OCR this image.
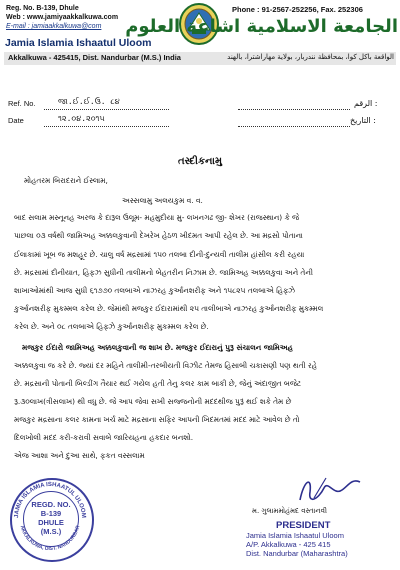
Reg. No. B-139, Dhule
Web : www.jamiyaakkalkuwa.com
E-mail : jamiaakkalkuwa@com
Jamia Islamia Ishaatul Uloom
Phone : 91-2567-252256, Fax. 252306
الجامعة الاسلامية اشاعة العلوم
Akkalkuwa - 425415, Dist. Nandurbar (M.S.) India	الواقعة باكل كوا، بمحافظة نندربار، بولاية مهاراشترا، بالهند
Ref. No.	જા.ઈ.ઈ.ઉ. ૮૪
Date	૧૨.૦૪.૨૦૧૫
: الرقم
: التاريخ
તસ્દીકનામુ
મોહતરમ બિરાદરાને ઈસ્લામ,
અસ્સલામુ અલયકુમ વ. વ.
બાદ સલામ મસ્નૂનહ અરજ કે દારૂલ ઉલૂમ- મહમુદીયા મુ- લખનગઢ જી- શેખર (રાજસ્થાન) કે જે
પાછલા ૦૩ વર્ષથી જામિઅહ અક્કલકુવાની દેખરેખ હેઠળ ખીદમત આપી રહેલ છે. આ મદ્રસો પોતાના
ઈલાકામાં ખૂબ જ મશહૂર છે. ચાલુ વર્ષ મદ્રસામાં ૧૫૦ તલબા દીની-દુન્યવી તાલીમ હાંસીલ કરી રહયા
છે. મદ્રસામાં દીનીયાત, હિફ્ઝ સુધીની તાલીમનો બેહતરીન નિઝામ છે. જામિઅહ અક્કલકુવા અને તેની
શાખાઓમાંથી આજ સુધી ૬૧૭૭૦ તલબાએ નાઝરહ કુર્આનશરીફ અને ૧૫૮૨૫ તલબાએ હિફ્ઝે
કુર્આનશરીફ મુકમ્મલ કરેલ છે. જેમાંથી મજકુર ઈદારામાંથી ૨૫ તાલીબાએ નાઝરહ કુર્આનશરીફ મુકમ્મલ
કરેલ છે. અને ૦૮ તલબાએ હિફ્ઝે કુર્આનશરીફ મુકમ્મલ કરેલ છે.
મજકુર ઈદારો જામિઅહ અક્કલકુવાની જ શાખ છે. મજકુર ઈદારાનું પુરૂ સંચાલન જામિઅહ
અક્કલકુવા જ કરે છે. જ્યાં દર મહિને તાલીમી-તરબીયતી વિઝીટ તેમજ હિસાબી ચકાસણી પણ થતી રહે
છે. મદ્રસાની પોતાની બિલ્ડીંગ તૈયાર થઈ ગયેલ હતી તેનુ કલર કામ બાકી છે, જેનું અંદાજીત બજેટ
રૂ.૩૦લાખ(ત્રીસલાખ) થી વધુ છે. જે આપ જેવા સખી સજ્જનોની મદદથીજ પુરૂં થઈ શકે તેમ છે
મજકુર મદ્રસાના કલર કામના ખર્ચ માટે મદ્રસાના સફિર આપની ખિદમતમાં મદદ માટે આવેલ છે તો
દિલખોલી મદદ કરી-કરાવી સવાબે જારિયહના હકદાર બનશો.
એજ આશા અને દુઆ સાથે, ફકત વસ્સલામ
JAMIA ISLAMIA ISHAATUL ULOOM
AKKALKUWA, DIST. NANDURBAR
REGD. NO.
B-139
DHULE
(M.S.)
મ. ગુલામમોહંમદ વસ્તાનવી
PRESIDENT
Jamia Islamia Ishaatul Uloom
A/P. Akkalkuwa - 425 415
Dist. Nandurbar (Maharashtra)
